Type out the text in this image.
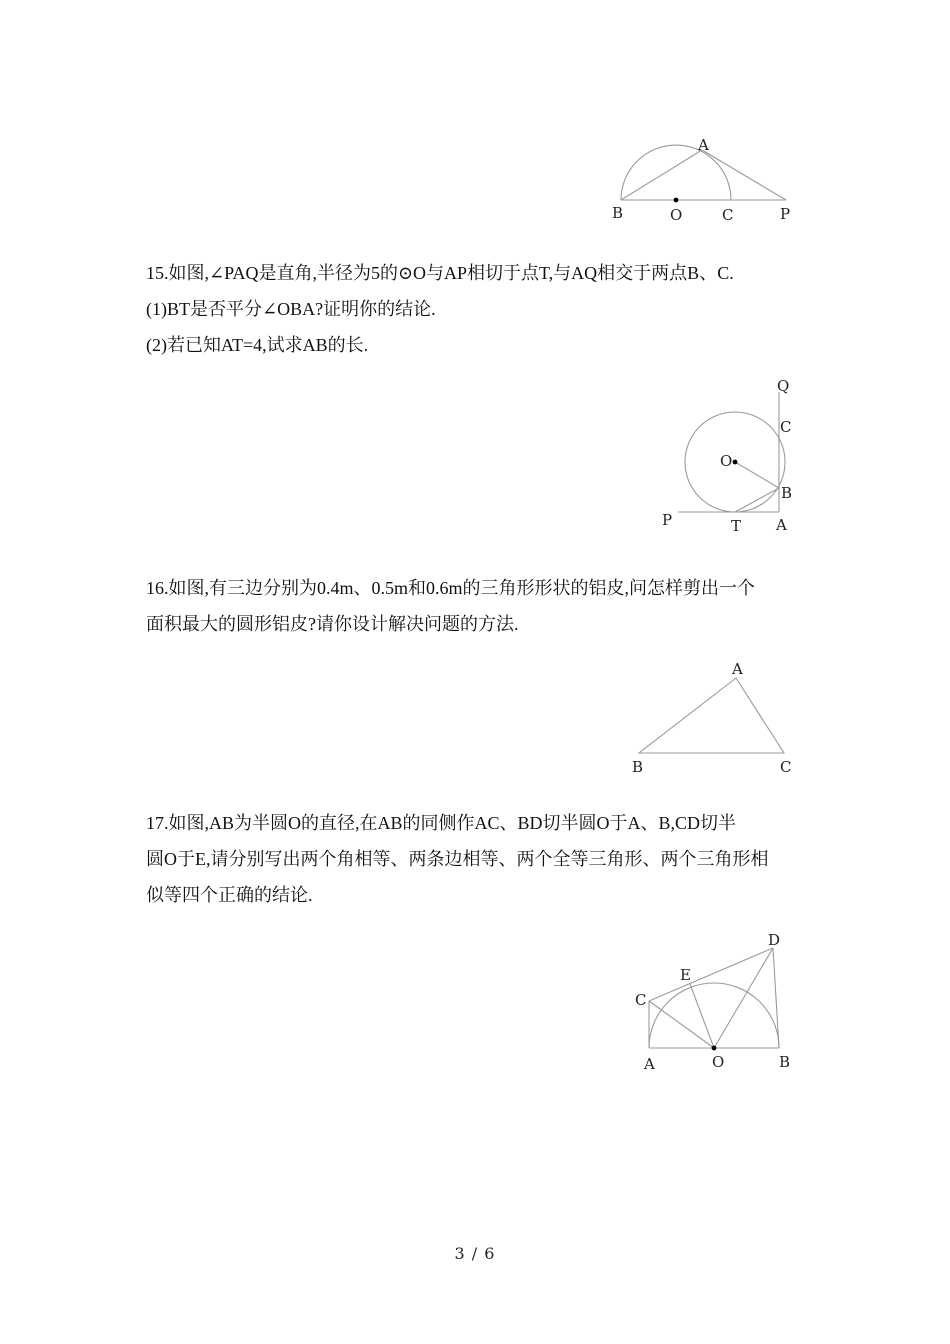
A
B	O	C	P

15.如图,∠PAQ是直角,半径为5的⊙O与AP相切于点T,与AQ相交于两点B、C.

(1)BT是否平分∠OBA?证明你的结论.

(2)若已知AT=4,试求AB的长.

Q
C
O
B
P	T A

16.如图,有三边分别为0.4m、0.5m和0.6m的三角形形状的铝皮,问怎样剪出一个

面积最大的圆形铝皮?请你设计解决问题的方法.

A
B	C

17.如图,AB为半圆O的直径,在AB的同侧作AC、BD切半圆O于A、B,CD切半

圆O于E,请分别写出两个角相等、两条边相等、两个全等三角形、两个三角形相

似等四个正确的结论.

D
E
C
A	O	B
3 / 6
